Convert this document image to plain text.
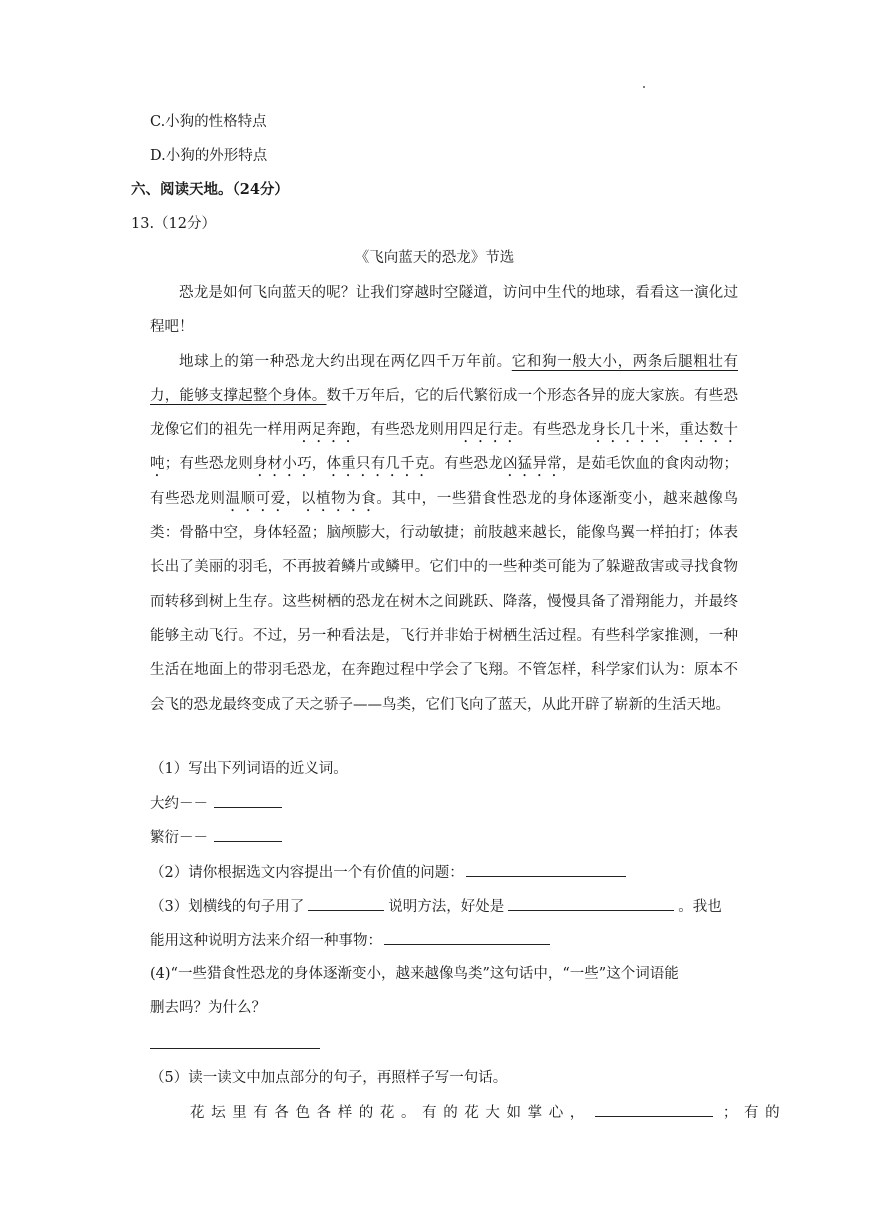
C.小狗的性格特点
D.小狗的外形特点
六、阅读天地。（24分）
13.（12分）
《飞向蓝天的恐龙》节选

恐龙是如何飞向蓝天的呢？让我们穿越时空隧道，访问中生代的地球，看看这一演化过程吧！

地球上的第一种恐龙大约出现在两亿四千万年前。它和狗一般大小，两条后腿粗壮有力，能够支撑起整个身体。数千万年后，它的后代繁衍成一个形态各异的庞大家族。有些恐龙像它们的祖先一样用两足奔跑，有些恐龙则用四足行走。有些恐龙身长几十米，重达数十吨；有些恐龙则身材小巧，体重只有几千克。有些恐龙凶猛异常，是茹毛饮血的食肉动物；有些恐龙则温顺可爱，以植物为食。其中，一些猎食性恐龙的身体逐渐变小，越来越像鸟类：骨骼中空，身体轻盈；脑颅膨大，行动敏捷；前肢越来越长，能像鸟翼一样拍打；体表长出了美丽的羽毛，不再披着鳞片或鳞甲。它们中的一些种类可能为了躲避敌害或寻找食物而转移到树上生存。这些树栖的恐龙在树木之间跳跃、降落，慢慢具备了滑翔能力，并最终能够主动飞行。不过，另一种看法是，飞行并非始于树栖生活过程。有些科学家推测，一种生活在地面上的带羽毛恐龙，在奔跑过程中学会了飞翔。不管怎样，科学家们认为：原本不会飞的恐龙最终变成了天之骄子——鸟类，它们飞向了蓝天，从此开辟了崭新的生活天地。

（1）写出下列词语的近义词。
大约－－
繁衍－－
（2）请你根据选文内容提出一个有价值的问题：
（3）划横线的句子用了	说明方法，好处是	。我也
能用这种说明方法来介绍一种事物：
(4)“一些猎食性恐龙的身体逐渐变小，越来越像鸟类”这句话中，“一些”这个词语能
删去吗？为什么？
（5）读一读文中加点部分的句子，再照样子写一句话。
花坛里有各色各样的花。有的花大如掌心，	；有的
